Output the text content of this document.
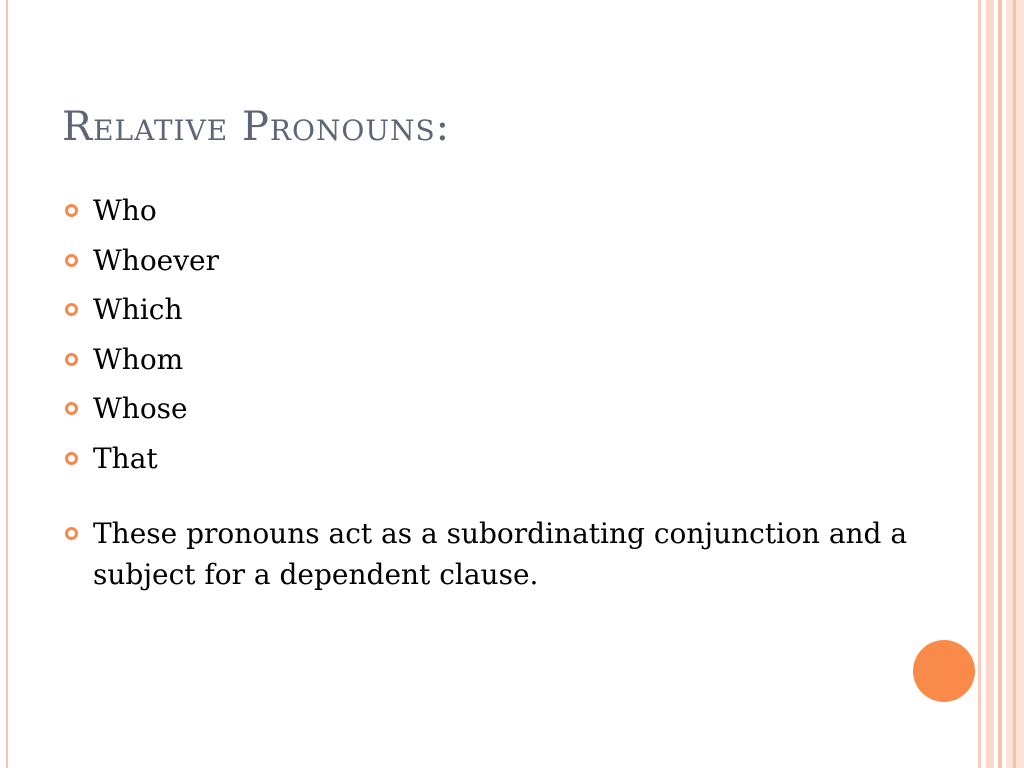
Relative Pronouns:
Who
Whoever
Which
Whom
Whose
That
These pronouns act as a subordinating conjunction and a subject for a dependent clause.
